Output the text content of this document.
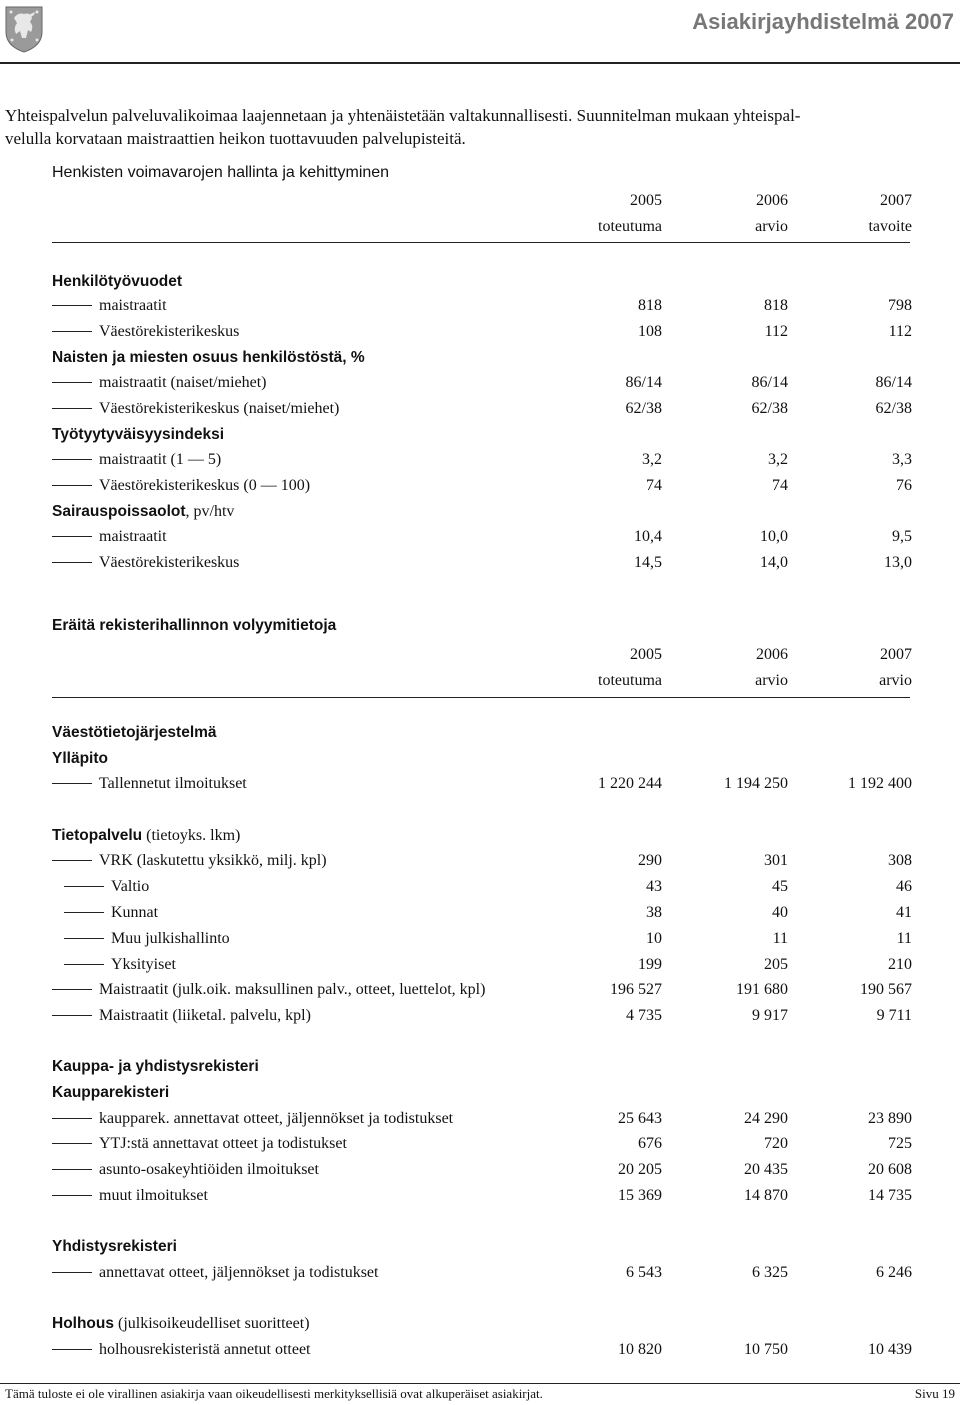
Asiakirjayhdistelmä 2007
Yhteispalvelun palveluvalikoimaa laajennetaan ja yhtenäistetään valtakunnallisesti. Suunnitelman mukaan yhteispal-
velulla korvataan maistraattien heikon tuottavuuden palvelupisteitä.
Henkisten voimavarojen hallinta ja kehittyminen
2005	2006	2007
toteutuma	arvio	tavoite
Henkilötyövuodet
maistraatit	818	818	798
Väestörekisterikeskus	108	112	112
Naisten ja miesten osuus henkilöstöstä, %
maistraatit (naiset/miehet)	86/14	86/14	86/14
Väestörekisterikeskus (naiset/miehet)	62/38	62/38	62/38
Työtyytyväisyysindeksi
maistraatit (1 — 5)	3,2	3,2	3,3
Väestörekisterikeskus (0 — 100)	74	74	76
Sairauspoissaolot, pv/htv
maistraatit	10,4	10,0	9,5
Väestörekisterikeskus	14,5	14,0	13,0
Eräitä rekisterihallinnon volyymitietoja
2005	2006	2007
toteutuma	arvio	arvio
Väestötietojärjestelmä
Ylläpito
Tallennetut ilmoitukset	1 220 244	1 194 250	1 192 400
Tietopalvelu (tietoyks. lkm)
VRK (laskutettu yksikkö, milj. kpl)	290	301	308
Valtio	43	45	46
Kunnat	38	40	41
Muu julkishallinto	10	11	11
Yksityiset	199	205	210
Maistraatit (julk.oik. maksullinen palv., otteet, luettelot, kpl)	196 527	191 680	190 567
Maistraatit (liiketal. palvelu, kpl)	4 735	9 917	9 711
Kauppa- ja yhdistysrekisteri
Kaupparekisteri
kaupparek. annettavat otteet, jäljennökset ja todistukset	25 643	24 290	23 890
YTJ:stä annettavat otteet ja todistukset	676	720	725
asunto-osakeyhtiöiden ilmoitukset	20 205	20 435	20 608
muut ilmoitukset	15 369	14 870	14 735
Yhdistysrekisteri
annettavat otteet, jäljennökset ja todistukset	6 543	6 325	6 246
Holhous (julkisoikeudelliset suoritteet)
holhousrekisteristä annetut otteet	10 820	10 750	10 439
Tämä tuloste ei ole virallinen asiakirja vaan oikeudellisesti merkityksellisiä ovat alkuperäiset asiakirjat.	Sivu 19
